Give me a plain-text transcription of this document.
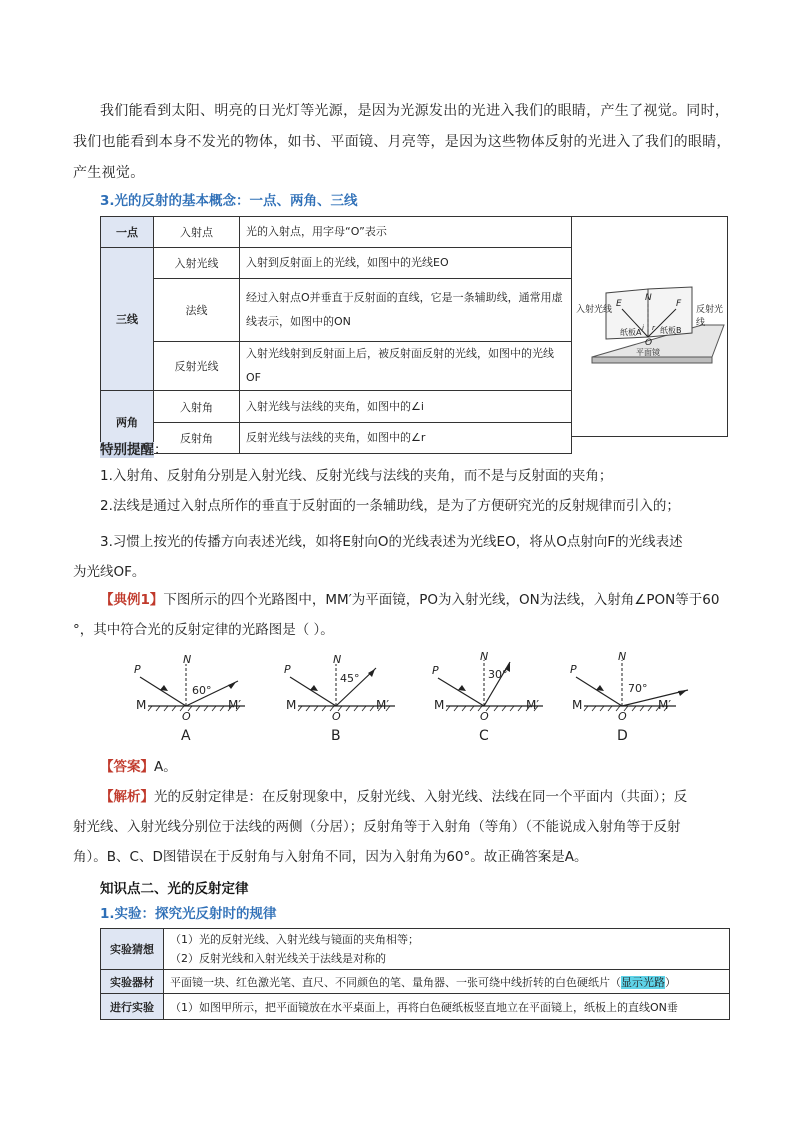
我们能看到太阳、明亮的日光灯等光源，是因为光源发出的光进入我们的眼睛，产生了视觉。同时，
我们也能看到本身不发光的物体，如书、平面镜、月亮等，是因为这些物体反射的光进入了我们的眼睛，
产生视觉。
3.光的反射的基本概念：一点、两角、三线
一点	入射点	光的入射点，用字母“O”表示
三线	入射光线	入射到反射面上的光线，如图中的光线EO
	法线	经过入射点O并垂直于反射面的直线，它是一条辅助线，通常用虚
线表示，如图中的ON

	反射光线	入射光线射到反射面上后，被反射面反射的光线，如图中的光线OF
两角	入射角	入射光线与法线的夹角，如图中的∠i
	反射角	反射光线与法线的夹角，如图中的∠r
入射光线	反射光线
E
N
F
O
i r
纸板A 纸板B
平面镜
特别提醒：
1.入射角、反射角分别是入射光线、反射光线与法线的夹角，而不是与反射面的夹角；
2.法线是通过入射点所作的垂直于反射面的一条辅助线，是为了方便研究光的反射规律而引入的；
3.习惯上按光的传播方向表述光线，如将E射向O的光线表述为光线EO，将从O点射向F的光线表述
为光线OF。
【典例1】下图所示的四个光路图中，MM′为平面镜，PO为入射光线，ON为法线，入射角∠PON等于60
°，其中符合光的反射定律的光路图是（ ）。
P
N
60°
M	M′
O
A
P
N
45°
M	M′
O
B
P
N
30°
M	M′
O
C
P
N
70°
M	M′
O
D
【答案】A。
【解析】光的反射定律是：在反射现象中，反射光线、入射光线、法线在同一个平面内（共面）；反
射光线、入射光线分别位于法线的两侧（分居）；反射角等于入射角（等角）（不能说成入射角等于反射
角）。B、C、D图错误在于反射角与入射角不同，因为入射角为60°。故正确答案是A。
知识点二、光的反射定律
1.实验：探究光反射时的规律
实验猜想	（1）光的反射光线、入射光线与镜面的夹角相等；
（2）反射光线和入射光线关于法线是对称的

实验器材	平面镜一块、红色激光笔、直尺、不同颜色的笔、量角器、一张可绕中线折转的白色硬纸片（显示光路）
进行实验	（1）如图甲所示，把平面镜放在水平桌面上，再将白色硬纸板竖直地立在平面镜上，纸板上的直线ON垂
